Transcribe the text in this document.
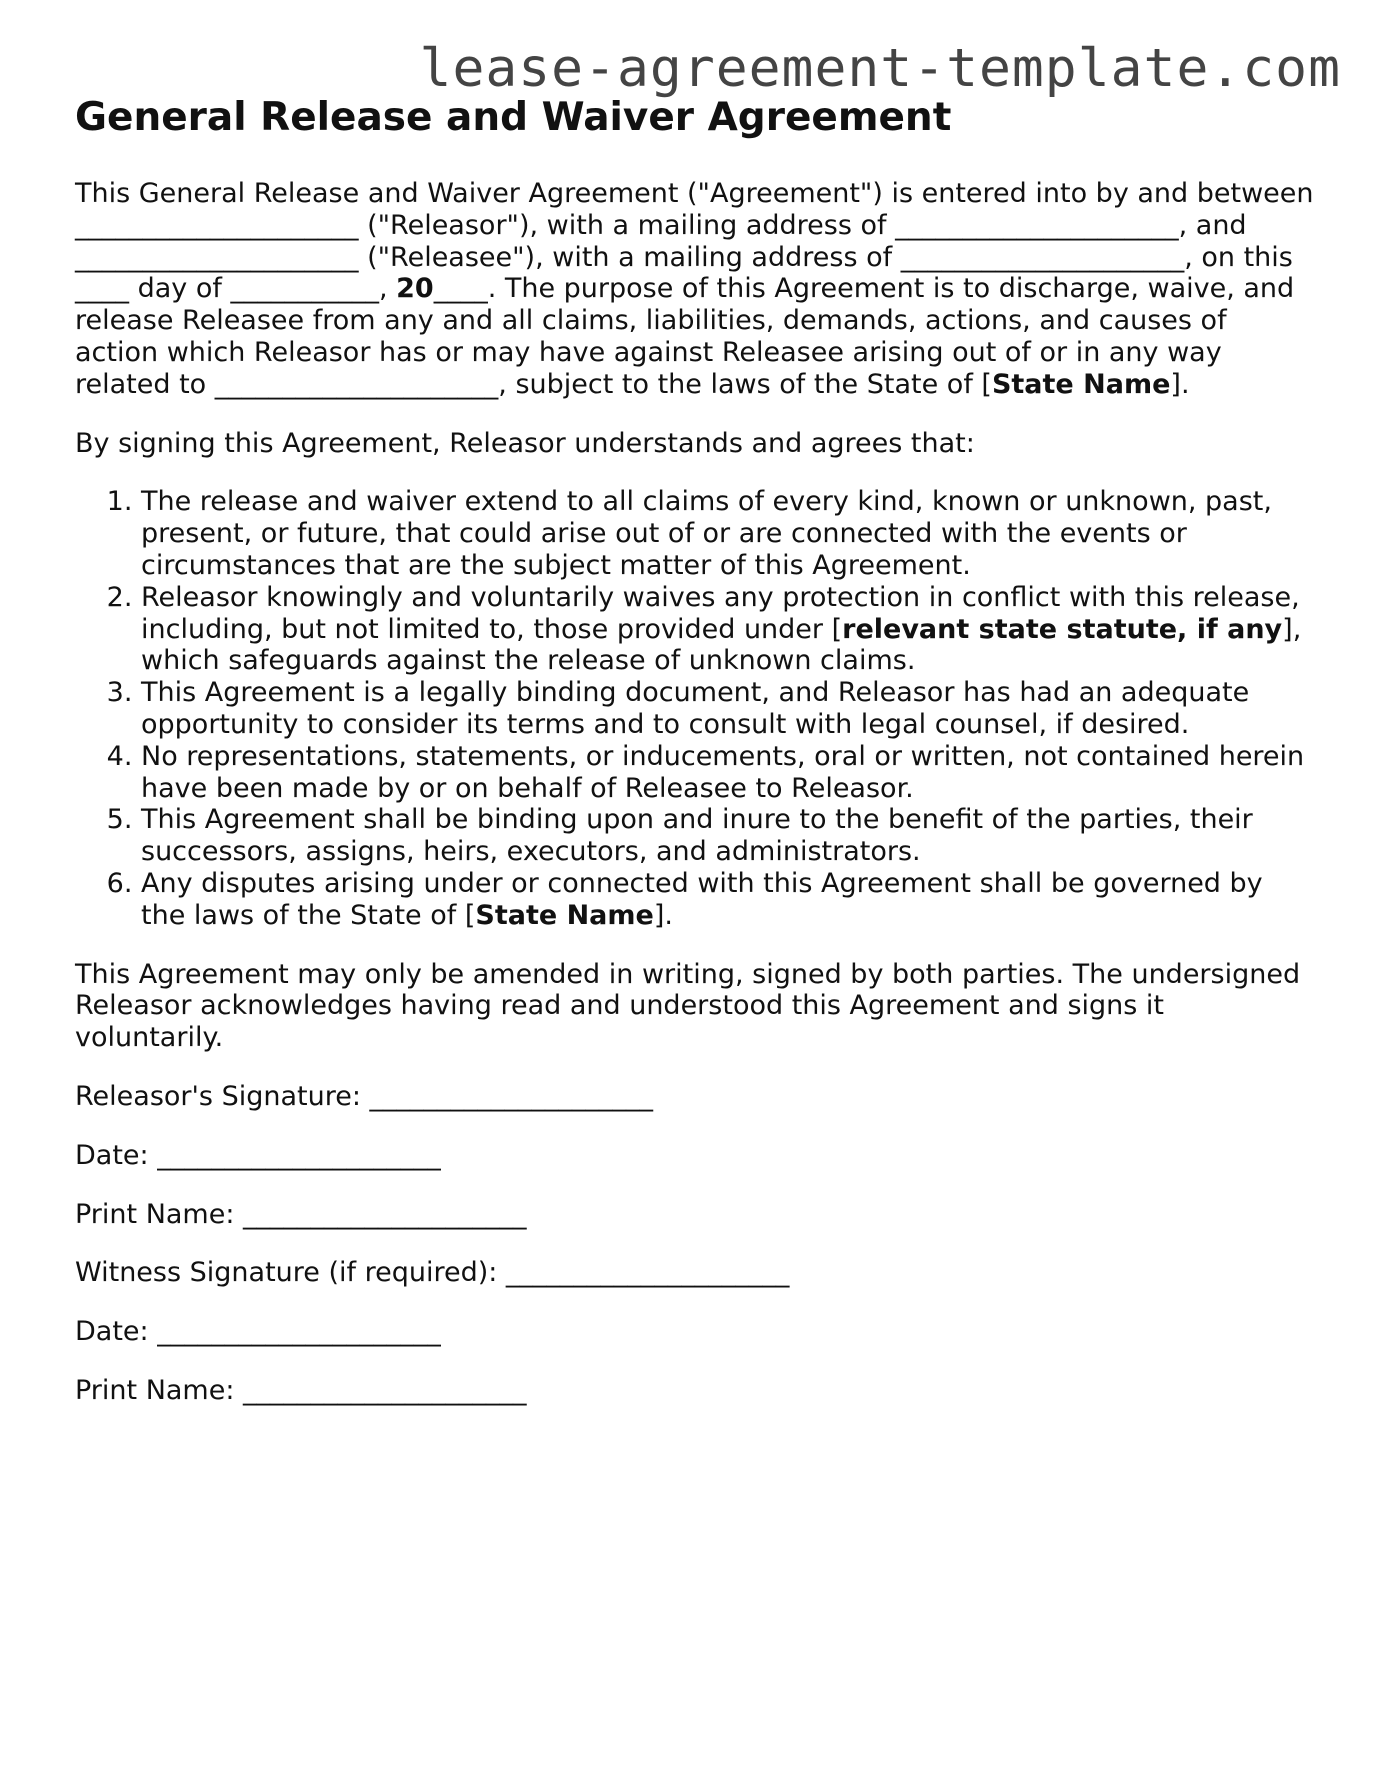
lease-agreement-template.com
General Release and Waiver Agreement

This General Release and Waiver Agreement ("Agreement") is entered into by and between _____________________ ("Releasor"), with a mailing address of _____________________, and _____________________ ("Releasee"), with a mailing address of _____________________, on this ____ day of ___________, 20____. The purpose of this Agreement is to discharge, waive, and release Releasee from any and all claims, liabilities, demands, actions, and causes of action which Releasor has or may have against Releasee arising out of or in any way related to _____________________, subject to the laws of the State of [State Name].

By signing this Agreement, Releasor understands and agrees that:

1. The release and waiver extend to all claims of every kind, known or unknown, past, present, or future, that could arise out of or are connected with the events or circumstances that are the subject matter of this Agreement.
2. Releasor knowingly and voluntarily waives any protection in conflict with this release, including, but not limited to, those provided under [relevant state statute, if any], which safeguards against the release of unknown claims.
3. This Agreement is a legally binding document, and Releasor has had an adequate opportunity to consider its terms and to consult with legal counsel, if desired.
4. No representations, statements, or inducements, oral or written, not contained herein have been made by or on behalf of Releasee to Releasor.
5. This Agreement shall be binding upon and inure to the benefit of the parties, their successors, assigns, heirs, executors, and administrators.
6. Any disputes arising under or connected with this Agreement shall be governed by the laws of the State of [State Name].

This Agreement may only be amended in writing, signed by both parties. The undersigned Releasor acknowledges having read and understood this Agreement and signs it voluntarily.

Releasor's Signature: _____________________

Date: _____________________

Print Name: _____________________

Witness Signature (if required): _____________________

Date: _____________________

Print Name: _____________________
